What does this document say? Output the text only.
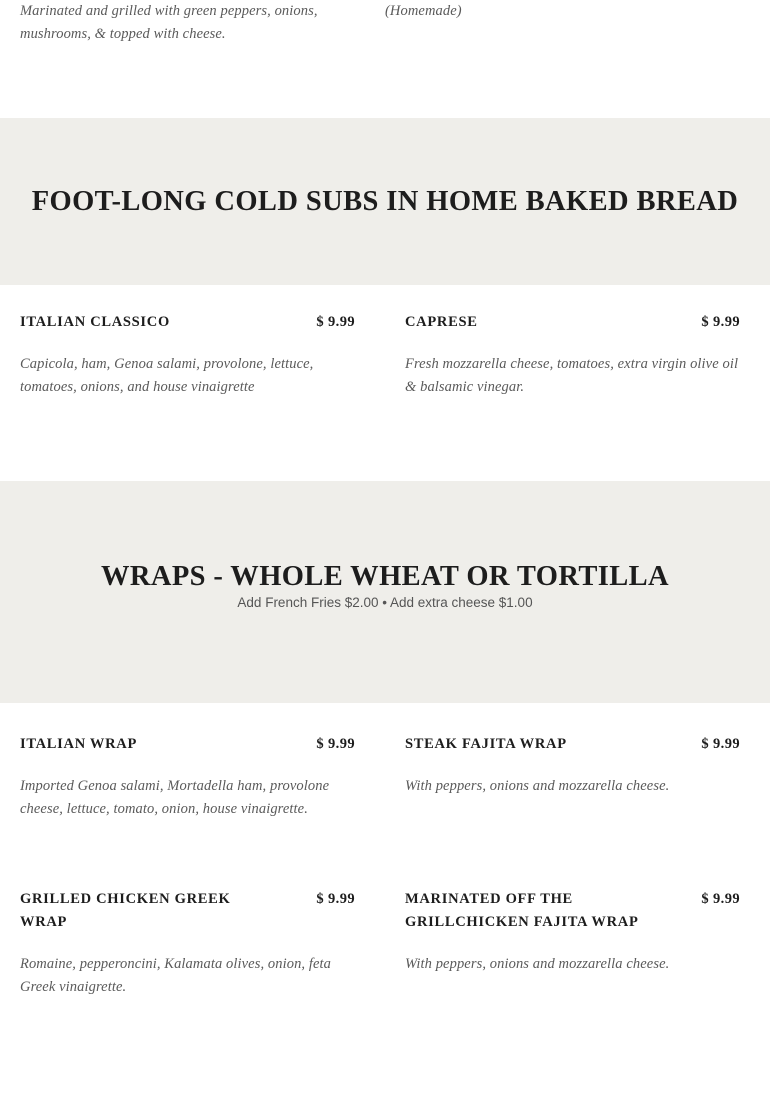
Marinated and grilled with green peppers, onions, mushrooms, & topped with cheese.

(Homemade)

FOOT-LONG COLD SUBS IN HOME BAKED BREAD
ITALIAN CLASSICO	$ 9.99

Capicola, ham, Genoa salami, provolone, lettuce, tomatoes, onions, and house vinaigrette

CAPRESE	$ 9.99

Fresh mozzarella cheese, tomatoes, extra virgin olive oil & balsamic vinegar.

WRAPS - WHOLE WHEAT OR TORTILLA

Add French Fries $2.00 • Add extra cheese $1.00

ITALIAN WRAP	$ 9.99

Imported Genoa salami, Mortadella ham, provolone cheese, lettuce, tomato, onion, house vinaigrette.

STEAK FAJITA WRAP	$ 9.99

With peppers, onions and mozzarella cheese.

GRILLED CHICKEN GREEK WRAP
$ 9.99

Romaine, pepperoncini, Kalamata olives, onion, feta Greek vinaigrette.

MARINATED OFF THE GRILLCHICKEN FAJITA WRAP
$ 9.99

With peppers, onions and mozzarella cheese.
